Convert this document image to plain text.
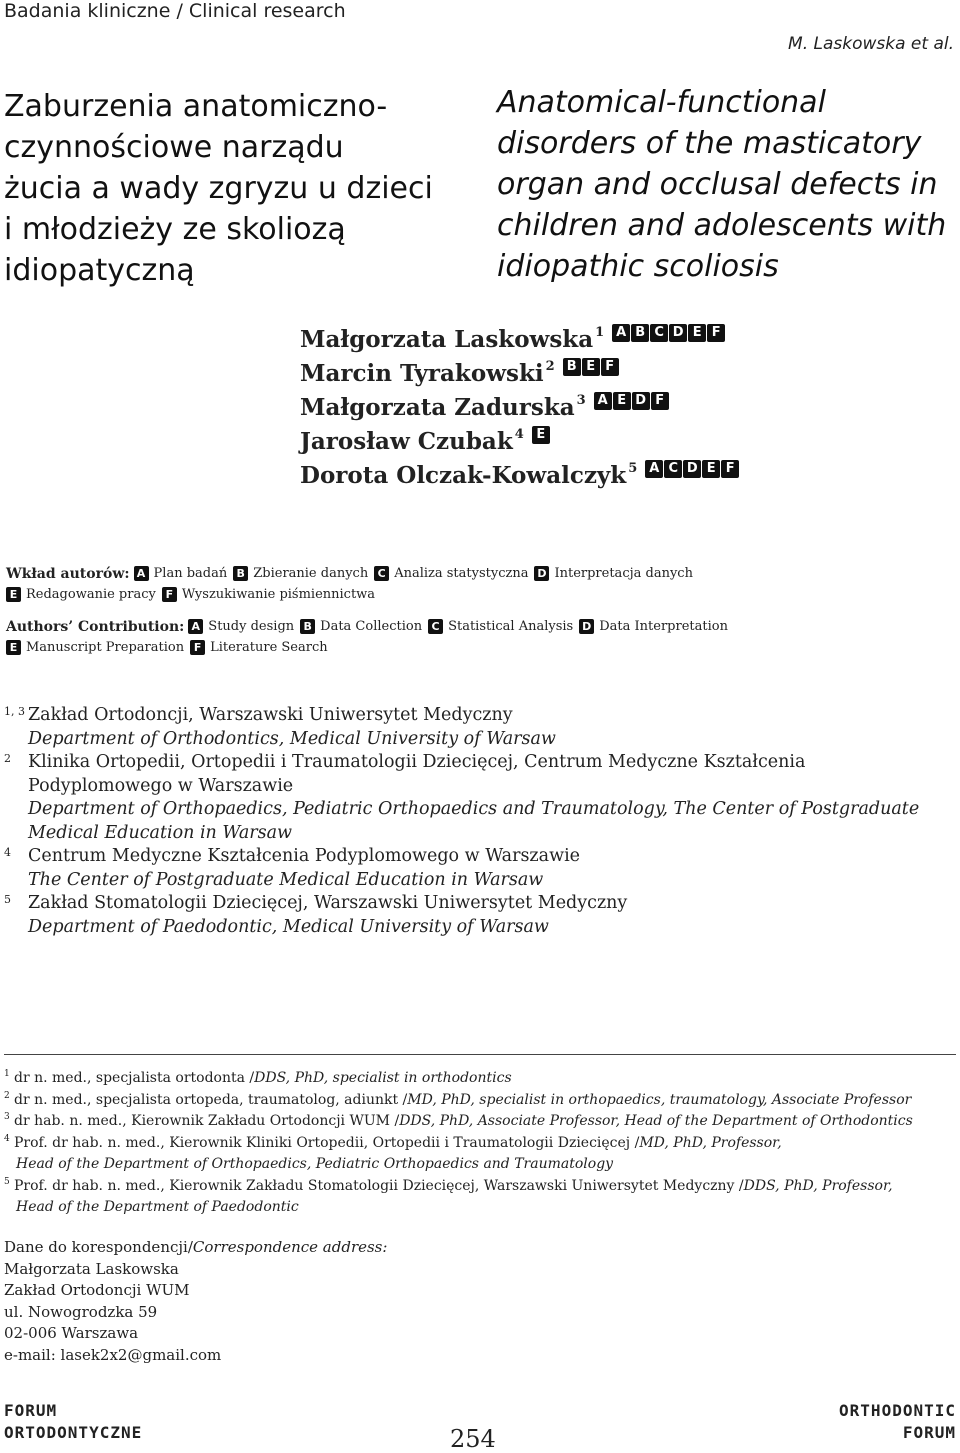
Badania kliniczne / Clinical research
M. Laskowska et al.
Zaburzenia anatomiczno-
czynnościowe narządu
żucia a wady zgryzu u dzieci
i młodzieży ze skoliozą
idiopatyczną
Anatomical-functional
disorders of the masticatory
organ and occlusal defects in
children and adolescents with
idiopathic scoliosis
Małgorzata Laskowska$^1$ A B C D E F
Marcin Tyrakowski$^2$ B E F
Małgorzata Zadurska$^3$ A E D F
Jarosław Czubak$^4$ E
Dorota Olczak-Kowalczyk$^5$ A C D E F
Wkład autorów: A Plan badań B Zbieranie danych C Analiza statystyczna D Interpretacja danych
E Redagowanie pracy F Wyszukiwanie piśmiennictwa
Authors’ Contribution: A Study design B Data Collection C Statistical Analysis D Data Interpretation
E Manuscript Preparation F Literature Search
1, 3 Zakład Ortodoncji, Warszawski Uniwersytet Medyczny
Department of Orthodontics, Medical University of Warsaw
2 Klinika Ortopedii, Ortopedii i Traumatologii Dziecięcej, Centrum Medyczne Kształcenia
Podyplomowego w Warszawie
Department of Orthopaedics, Pediatric Orthopaedics and Traumatology, The Center of Postgraduate
Medical Education in Warsaw
4 Centrum Medyczne Kształcenia Podyplomowego w Warszawie
The Center of Postgraduate Medical Education in Warsaw
5 Zakład Stomatologii Dziecięcej, Warszawski Uniwersytet Medyczny
Department of Paedodontic, Medical University of Warsaw
1 dr n. med., specjalista ortodonta / DDS, PhD, specialist in orthodontics
2 dr n. med., specjalista ortopeda, traumatolog, adiunkt / MD, PhD, specialist in orthopaedics, traumatology, Associate Professor
3 dr hab. n. med., Kierownik Zakładu Ortodoncji WUM / DDS, PhD, Associate Professor, Head of the Department of Orthodontics
4 Prof. dr hab. n. med., Kierownik Kliniki Ortopedii, Ortopedii i Traumatologii Dziecięcej / MD, PhD, Professor,
Head of the Department of Orthopaedics, Pediatric Orthopaedics and Traumatology
5 Prof. dr hab. n. med., Kierownik Zakładu Stomatologii Dziecięcej, Warszawski Uniwersytet Medyczny / DDS, PhD, Professor,
Head of the Department of Paedodontic
Dane do korespondencji/Correspondence address:
Małgorzata Laskowska
Zakład Ortodoncji WUM
ul. Nowogrodzka 59
02-006 Warszawa
e-mail: lasek2x2@gmail.com
FORUM
ORTODONTYCZNE	254
ORTHODONTIC
FORUM
